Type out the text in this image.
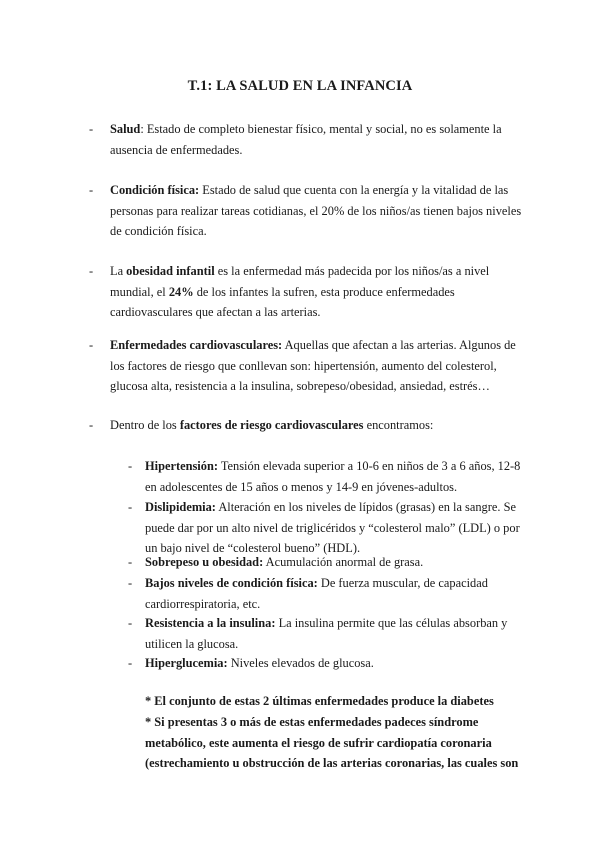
T.1: LA SALUD EN LA INFANCIA
- Salud: Estado de completo bienestar físico, mental y social, no es solamente la ausencia de enfermedades.
- Condición física: Estado de salud que cuenta con la energía y la vitalidad de las personas para realizar tareas cotidianas, el 20% de los niños/as tienen bajos niveles de condición física.
- La obesidad infantil es la enfermedad más padecida por los niños/as a nivel mundial, el 24% de los infantes la sufren, esta produce enfermedades cardiovasculares que afectan a las arterias.
- Enfermedades cardiovasculares: Aquellas que afectan a las arterias. Algunos de los factores de riesgo que conllevan son: hipertensión, aumento del colesterol, glucosa alta, resistencia a la insulina, sobrepeso/obesidad, ansiedad, estrés…
- Dentro de los factores de riesgo cardiovasculares encontramos:
- Hipertensión: Tensión elevada superior a 10-6 en niños de 3 a 6 años, 12-8 en adolescentes de 15 años o menos y 14-9 en jóvenes-adultos.
- Dislipidemia: Alteración en los niveles de lípidos (grasas) en la sangre. Se puede dar por un alto nivel de triglicéridos y “colesterol malo” (LDL) o por un bajo nivel de “colesterol bueno” (HDL).
- Sobrepeso u obesidad: Acumulación anormal de grasa.
- Bajos niveles de condición física: De fuerza muscular, de capacidad cardiorrespiratoria, etc.
- Resistencia a la insulina: La insulina permite que las células absorban y utilicen la glucosa.
- Hiperglucemia: Niveles elevados de glucosa.
* El conjunto de estas 2 últimas enfermedades produce la diabetes
* Si presentas 3 o más de estas enfermedades padeces síndrome metabólico, este aumenta el riesgo de sufrir cardiopatía coronaria (estrechamiento u obstrucción de las arterias coronarias, las cuales son
